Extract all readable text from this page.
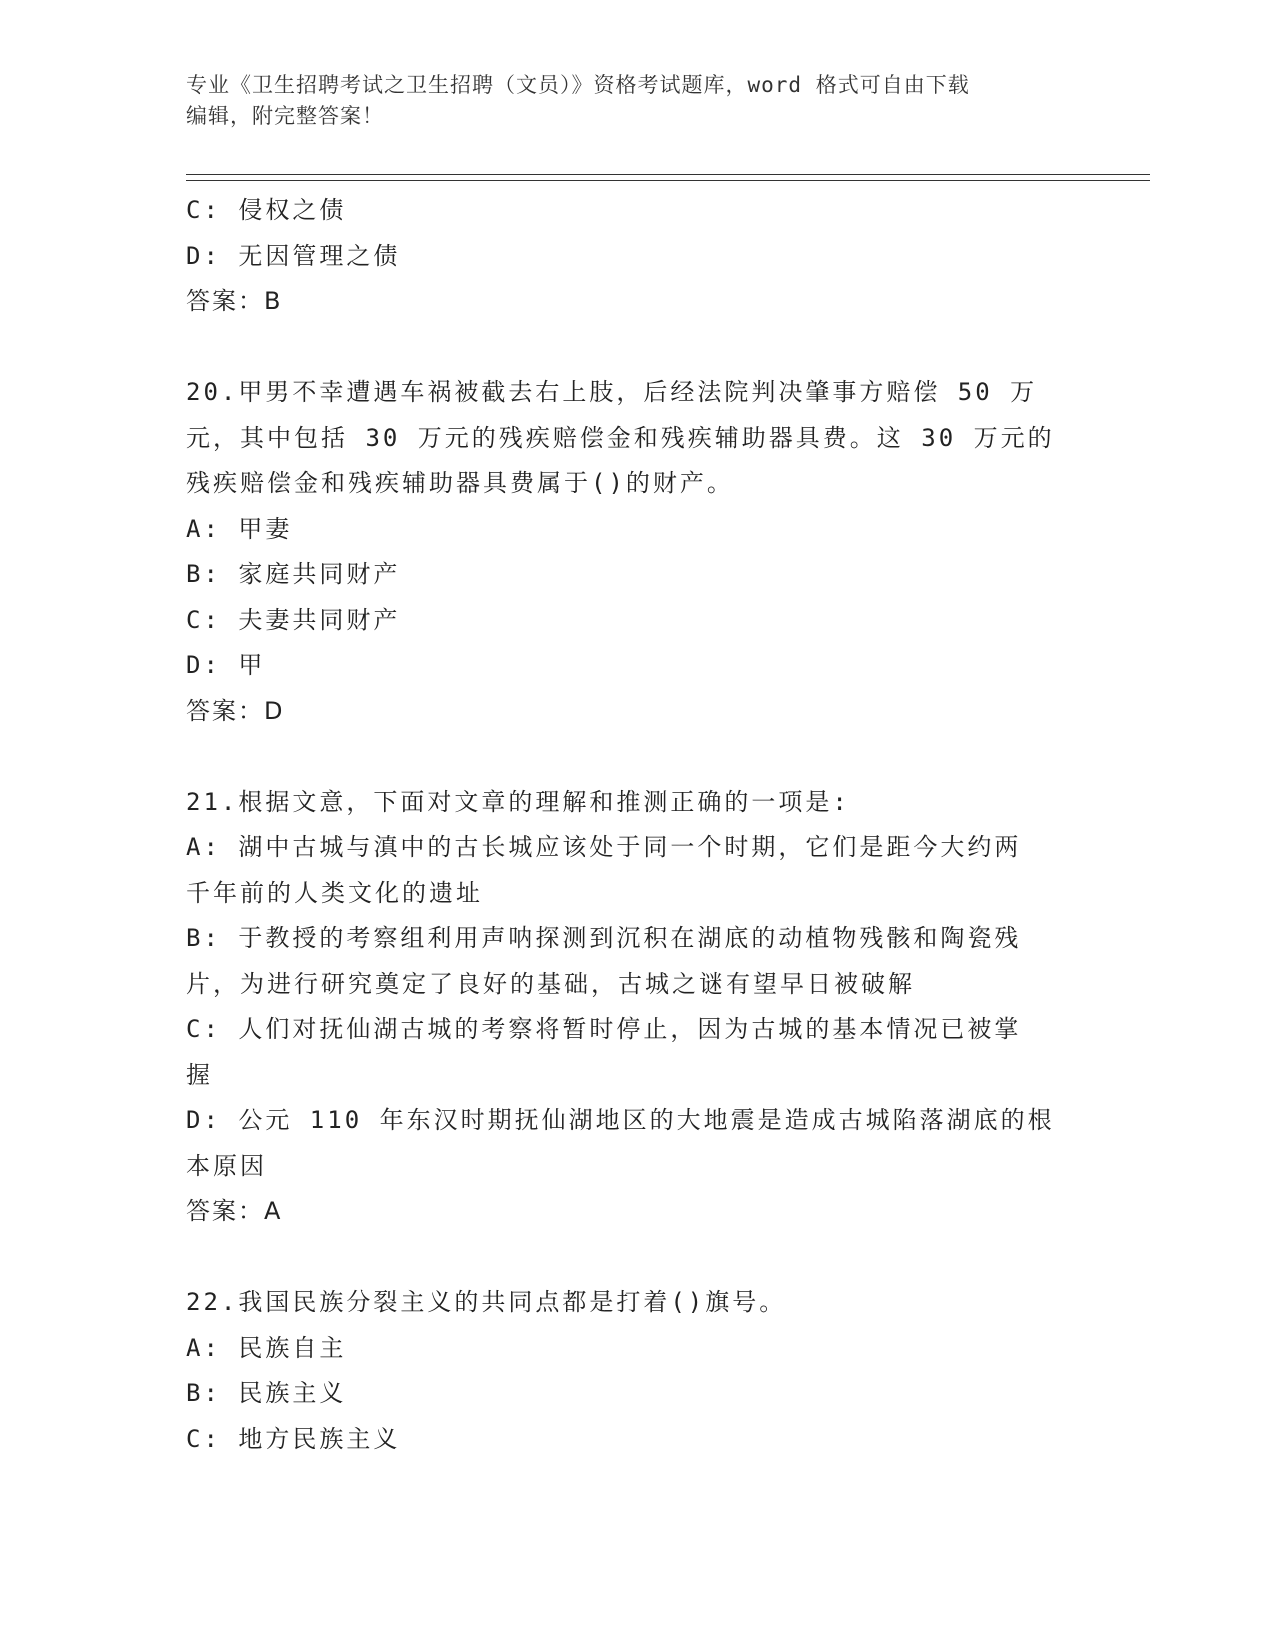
专业《卫生招聘考试之卫生招聘（文员）》资格考试题库，word 格式可自由下载
编辑，附完整答案！

C: 侵权之债

D: 无因管理之债

答案：B

20.甲男不幸遭遇车祸被截去右上肢，后经法院判决肇事方赔偿 50 万

元，其中包括 30 万元的残疾赔偿金和残疾辅助器具费。这 30 万元的

残疾赔偿金和残疾辅助器具费属于()的财产。

A: 甲妻

B: 家庭共同财产

C: 夫妻共同财产

D: 甲

答案：D

21.根据文意，下面对文章的理解和推测正确的一项是:

A: 湖中古城与滇中的古长城应该处于同一个时期，它们是距今大约两

千年前的人类文化的遗址

B: 于教授的考察组利用声呐探测到沉积在湖底的动植物残骸和陶瓷残

片，为进行研究奠定了良好的基础，古城之谜有望早日被破解

C: 人们对抚仙湖古城的考察将暂时停止，因为古城的基本情况已被掌

握

D: 公元 110 年东汉时期抚仙湖地区的大地震是造成古城陷落湖底的根

本原因

答案：A

22.我国民族分裂主义的共同点都是打着()旗号。

A: 民族自主

B: 民族主义

C: 地方民族主义
